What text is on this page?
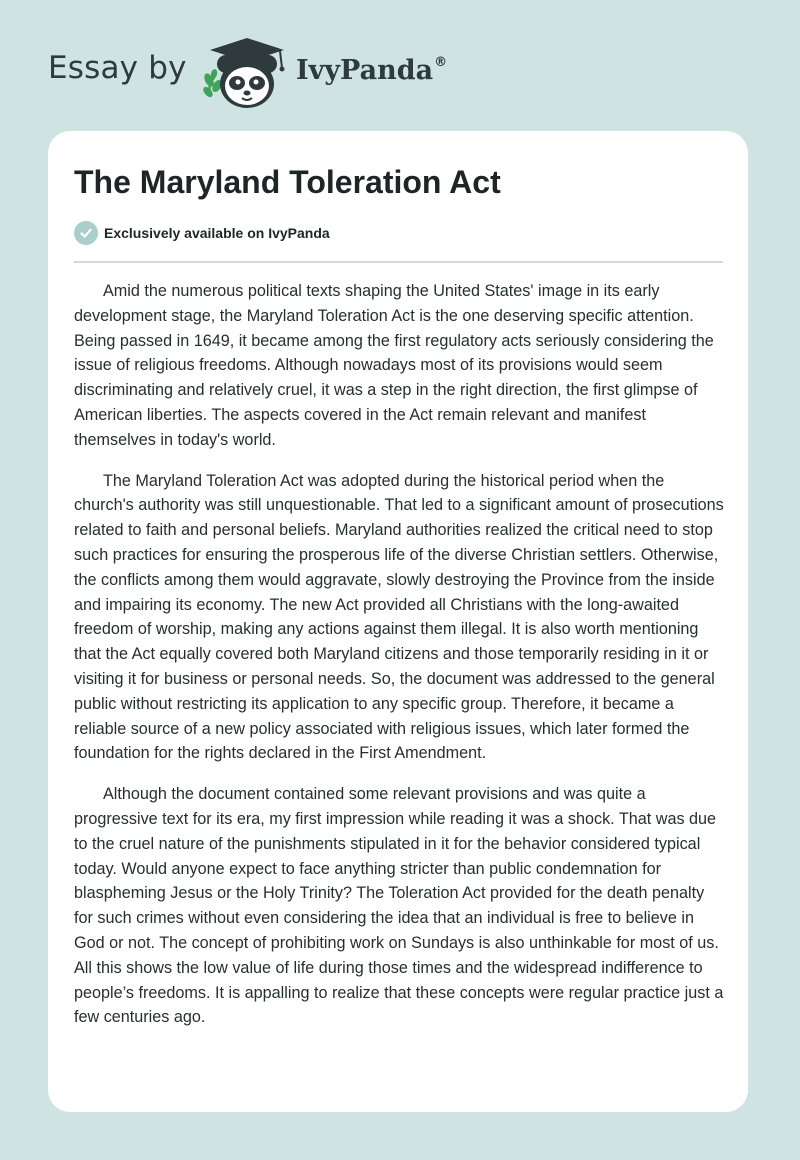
Essay by	IvyPanda®
The Maryland Toleration Act
Exclusively available on IvyPanda

Amid the numerous political texts shaping the United States' image in its early development stage, the Maryland Toleration Act is the one deserving specific attention. Being passed in 1649, it became among the first regulatory acts seriously considering the issue of religious freedoms. Although nowadays most of its provisions would seem discriminating and relatively cruel, it was a step in the right direction, the first glimpse of American liberties. The aspects covered in the Act remain relevant and manifest themselves in today's world.

The Maryland Toleration Act was adopted during the historical period when the church's authority was still unquestionable. That led to a significant amount of prosecutions related to faith and personal beliefs. Maryland authorities realized the critical need to stop such practices for ensuring the prosperous life of the diverse Christian settlers. Otherwise, the conflicts among them would aggravate, slowly destroying the Province from the inside and impairing its economy. The new Act provided all Christians with the long-awaited freedom of worship, making any actions against them illegal. It is also worth mentioning that the Act equally covered both Maryland citizens and those temporarily residing in it or visiting it for business or personal needs. So, the document was addressed to the general public without restricting its application to any specific group. Therefore, it became a reliable source of a new policy associated with religious issues, which later formed the foundation for the rights declared in the First Amendment.

Although the document contained some relevant provisions and was quite a progressive text for its era, my first impression while reading it was a shock. That was due to the cruel nature of the punishments stipulated in it for the behavior considered typical today. Would anyone expect to face anything stricter than public condemnation for blaspheming Jesus or the Holy Trinity? The Toleration Act provided for the death penalty for such crimes without even considering the idea that an individual is free to believe in God or not. The concept of prohibiting work on Sundays is also unthinkable for most of us. All this shows the low value of life during those times and the widespread indifference to people’s freedoms. It is appalling to realize that these concepts were regular practice just a few centuries ago.
